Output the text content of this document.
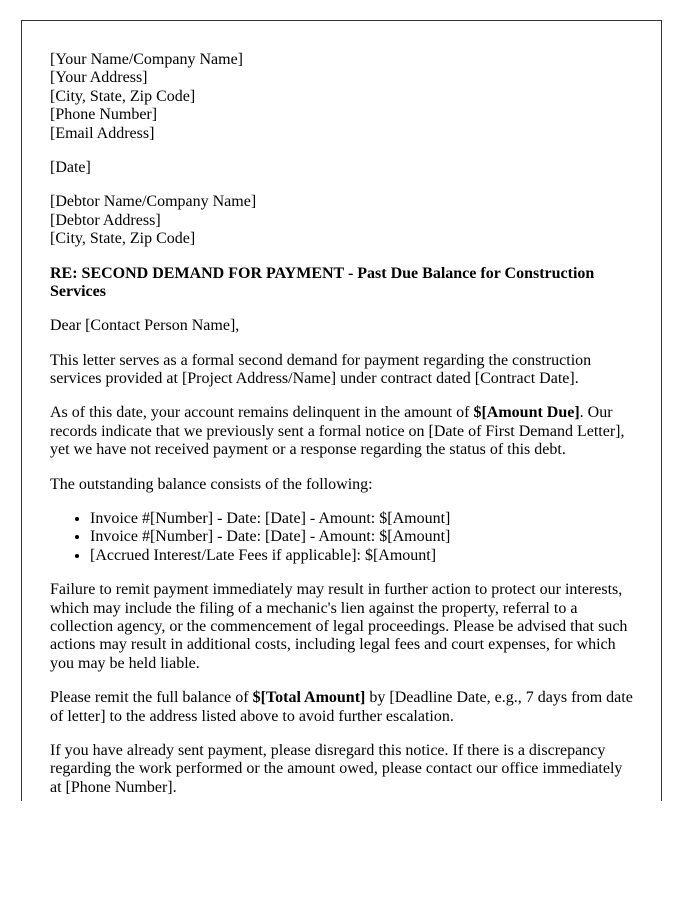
[Your Name/Company Name]
[Your Address]
[City, State, Zip Code]
[Phone Number]
[Email Address]

[Date]

[Debtor Name/Company Name]
[Debtor Address]
[City, State, Zip Code]

RE: SECOND DEMAND FOR PAYMENT - Past Due Balance for Construction Services

Dear [Contact Person Name],

This letter serves as a formal second demand for payment regarding the construction services provided at [Project Address/Name] under contract dated [Contract Date].

As of this date, your account remains delinquent in the amount of $[Amount Due]. Our records indicate that we previously sent a formal notice on [Date of First Demand Letter], yet we have not received payment or a response regarding the status of this debt.

The outstanding balance consists of the following:

• Invoice #[Number] - Date: [Date] - Amount: $[Amount]
• Invoice #[Number] - Date: [Date] - Amount: $[Amount]
• [Accrued Interest/Late Fees if applicable]: $[Amount]

Failure to remit payment immediately may result in further action to protect our interests, which may include the filing of a mechanic's lien against the property, referral to a collection agency, or the commencement of legal proceedings. Please be advised that such actions may result in additional costs, including legal fees and court expenses, for which you may be held liable.

Please remit the full balance of $[Total Amount] by [Deadline Date, e.g., 7 days from date of letter] to the address listed above to avoid further escalation.

If you have already sent payment, please disregard this notice. If there is a discrepancy regarding the work performed or the amount owed, please contact our office immediately at [Phone Number].
